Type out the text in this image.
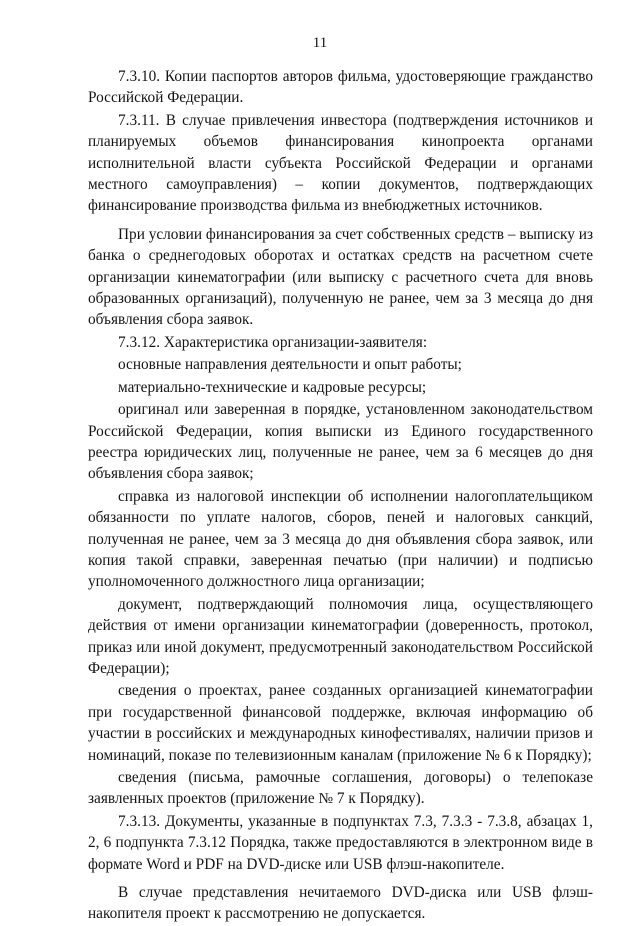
11

7.3.10. Копии паспортов авторов фильма, удостоверяющие гражданство Российской Федерации.

7.3.11. В случае привлечения инвестора (подтверждения источников и планируемых объемов финансирования кинопроекта органами исполнительной власти субъекта Российской Федерации и органами местного самоуправления) – копии документов, подтверждающих финансирование производства фильма из внебюджетных источников.

При условии финансирования за счет собственных средств – выписку из банка о среднегодовых оборотах и остатках средств на расчетном счете организации кинематографии (или выписку с расчетного счета для вновь образованных организаций), полученную не ранее, чем за 3 месяца до дня объявления сбора заявок.

7.3.12. Характеристика организации-заявителя:

основные направления деятельности и опыт работы;

материально-технические и кадровые ресурсы;

оригинал или заверенная в порядке, установленном законодательством Российской Федерации, копия выписки из Единого государственного реестра юридических лиц, полученные не ранее, чем за 6 месяцев до дня объявления сбора заявок;

справка из налоговой инспекции об исполнении налогоплательщиком обязанности по уплате налогов, сборов, пеней и налоговых санкций, полученная не ранее, чем за 3 месяца до дня объявления сбора заявок, или копия такой справки, заверенная печатью (при наличии) и подписью уполномоченного должностного лица организации;

документ, подтверждающий полномочия лица, осуществляющего действия от имени организации кинематографии (доверенность, протокол, приказ или иной документ, предусмотренный законодательством Российской Федерации);

сведения о проектах, ранее созданных организацией кинематографии при государственной финансовой поддержке, включая информацию об участии в российских и международных кинофестивалях, наличии призов и номинаций, показе по телевизионным каналам (приложение № 6 к Порядку);

сведения (письма, рамочные соглашения, договоры) о телепоказе заявленных проектов (приложение № 7 к Порядку).

7.3.13. Документы, указанные в подпунктах 7.3, 7.3.3 - 7.3.8, абзацах 1, 2, 6 подпункта 7.3.12 Порядка, также предоставляются в электронном виде в формате Word и PDF на DVD-диске или USB флэш-накопителе.

В случае представления нечитаемого DVD-диска или USB флэш-накопителя проект к рассмотрению не допускается.
